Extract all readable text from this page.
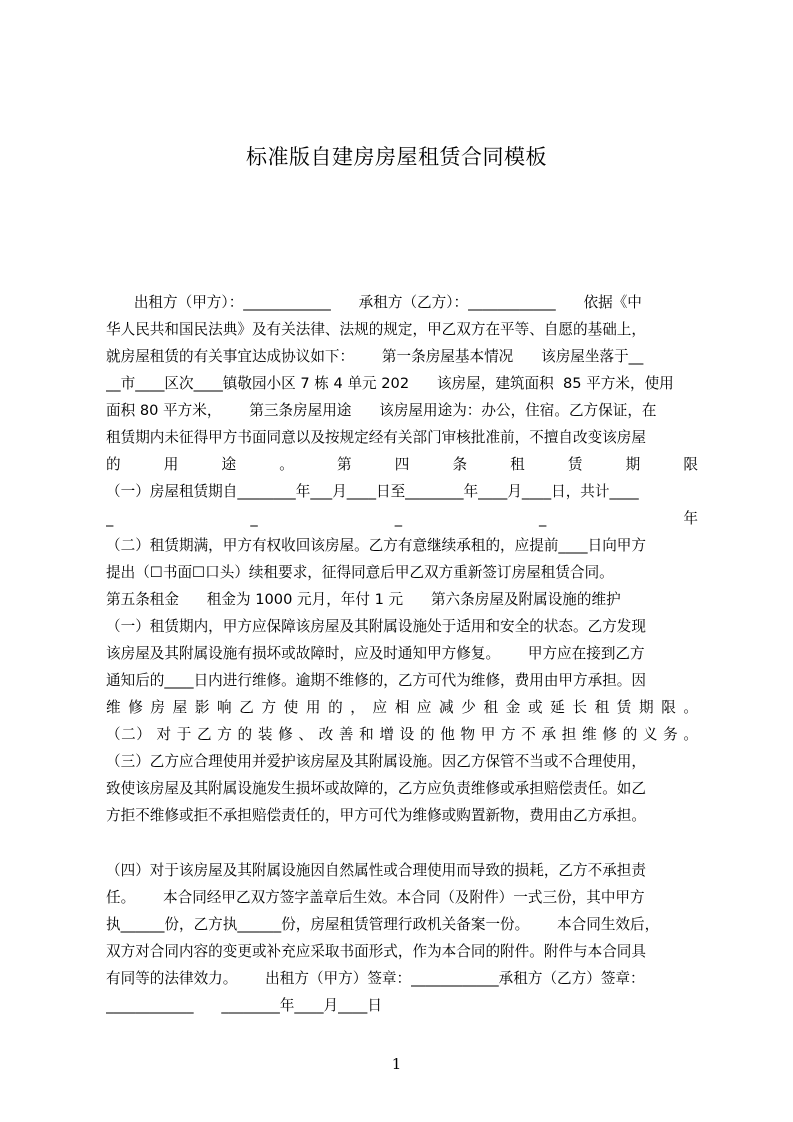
标准版自建房房屋租赁合同模板
出租方（甲方）：____________      承租方（乙方）：____________      依据《中
华人民共和国民法典》及有关法律、法规的规定，甲乙双方在平等、自愿的基础上，
就房屋租赁的有关事宜达成协议如下：      第一条房屋基本情况      该房屋坐落于__
__市____区次____镇敬园小区 7 栋 4 单元 202      该房屋，建筑面积  85 平方米，使用
面积 80 平方米，      第三条房屋用途      该房屋用途为：办公，住宿。乙方保证，在
租赁期内未征得甲方书面同意以及按规定经有关部门审核批准前，不擅自改变该房屋
的 用 途 。 第 四 条 租 赁 期 限
（一）房屋租赁期自________年___月____日至________年____月____日，共计____
_ _ _ _ 年
（二）租赁期满，甲方有权收回该房屋。乙方有意继续承租的，应提前____日向甲方
提出（☐书面☐口头）续租要求，征得同意后甲乙双方重新签订房屋租赁合同。
第五条租金      租金为 1000 元月，年付 1 元      第六条房屋及附属设施的维护
（一）租赁期内，甲方应保障该房屋及其附属设施处于适用和安全的状态。乙方发现
该房屋及其附属设施有损坏或故障时，应及时通知甲方修复。      甲方应在接到乙方
通知后的____日内进行维修。逾期不维修的，乙方可代为维修，费用由甲方承担。因
维 修 房 屋 影 响 乙 方 使 用 的 ， 应 相 应 减 少 租 金 或 延 长 租 赁 期 限 。
（二） 对 于 乙 方 的 装 修 、 改 善 和 增 设 的 他 物 甲 方 不 承 担 维 修 的 义 务 。
（三）乙方应合理使用并爱护该房屋及其附属设施。因乙方保管不当或不合理使用，
致使该房屋及其附属设施发生损坏或故障的，乙方应负责维修或承担赔偿责任。如乙
方拒不维修或拒不承担赔偿责任的，甲方可代为维修或购置新物，费用由乙方承担。
（四）对于该房屋及其附属设施因自然属性或合理使用而导致的损耗，乙方不承担责
任。      本合同经甲乙双方签字盖章后生效。本合同（及附件）一式三份，其中甲方
执______份，乙方执______份，房屋租赁管理行政机关备案一份。      本合同生效后，
双方对合同内容的变更或补充应采取书面形式，作为本合同的附件。附件与本合同具
有同等的法律效力。      出租方（甲方）签章：____________承租方（乙方）签章：
____________      ________年____月____日
1
